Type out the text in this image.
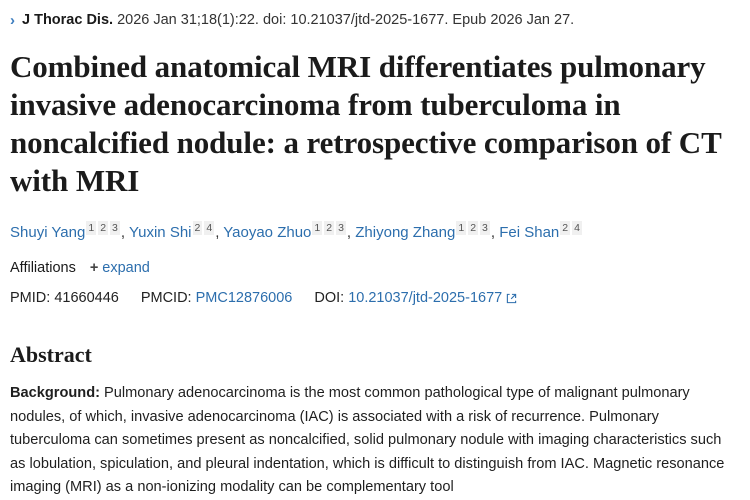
› J Thorac Dis. 2026 Jan 31;18(1):22. doi: 10.21037/jtd-2025-1677. Epub 2026 Jan 27.
Combined anatomical MRI differentiates pulmonary invasive adenocarcinoma from tuberculoma in noncalcified nodule: a retrospective comparison of CT with MRI
Shuyi Yang $^1$ $^2$ $^3$ , Yuxin Shi $^2$ $^4$ , Yaoyao Zhuo $^1$ $^2$ $^3$ , Zhiyong Zhang $^1$ $^2$ $^3$ , Fei Shan $^2$ $^4$
Affiliations + expand
PMID: 41660446 PMCID: PMC12876006 DOI: 10.21037/jtd-2025-1677
Abstract
Background: Pulmonary adenocarcinoma is the most common pathological type of malignant pulmonary nodules, of which, invasive adenocarcinoma (IAC) is associated with a risk of recurrence. Pulmonary tuberculoma can sometimes present as noncalcified, solid pulmonary nodule with imaging characteristics such as lobulation, spiculation, and pleural indentation, which is difficult to distinguish from IAC. Magnetic resonance imaging (MRI) as a non-ionizing modality can be complementary tool
